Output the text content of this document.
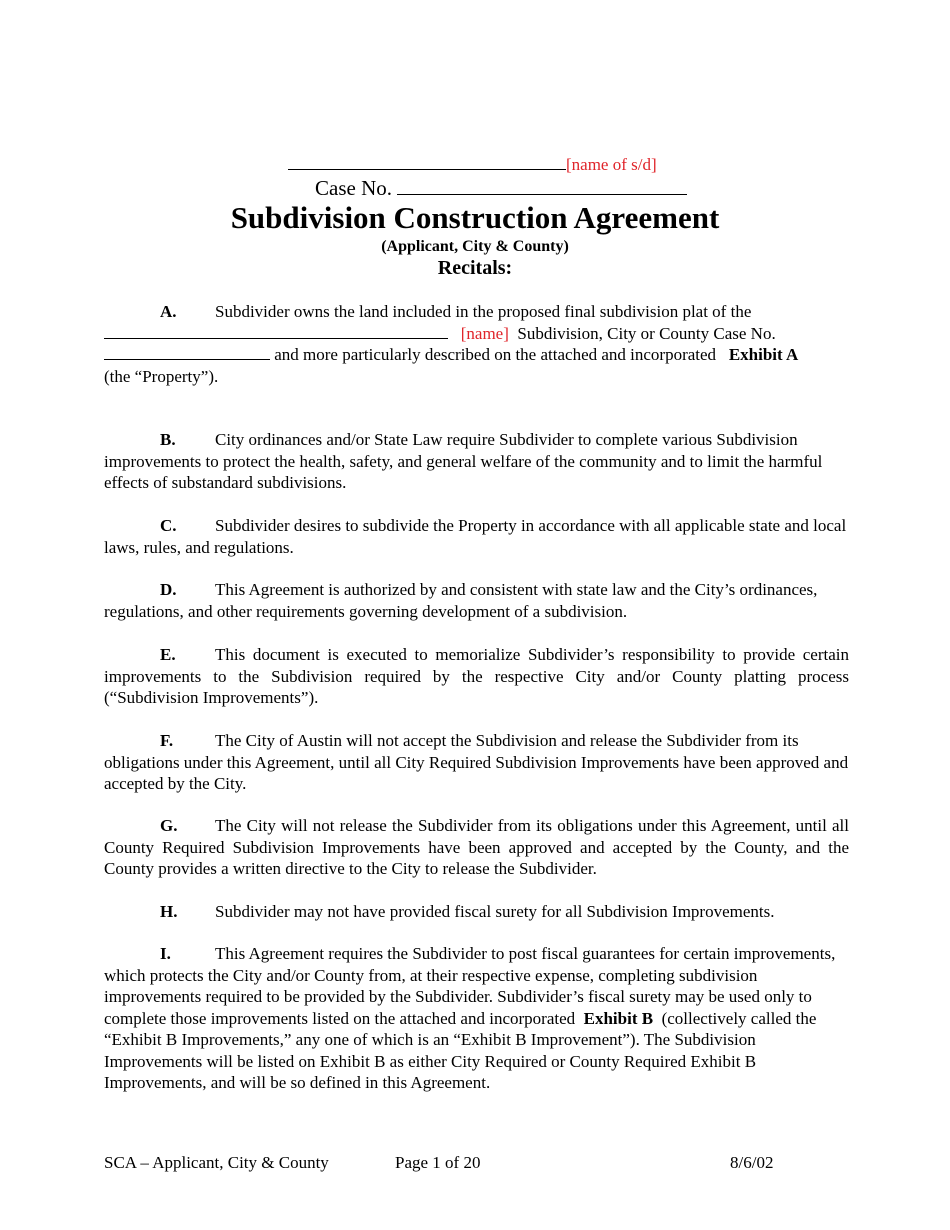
[name of s/d]
Case No.
Subdivision Construction Agreement
(Applicant, City & County)
Recitals:
A. Subdivider owns the land included in the proposed final subdivision plat of the
[name] Subdivision, City or County Case No.
and more particularly described on the attached and incorporated Exhibit A
(the “Property”).
B. City ordinances and/or State Law require Subdivider to complete various Subdivision improvements to protect the health, safety, and general welfare of the community and to limit the harmful effects of substandard subdivisions.
C. Subdivider desires to subdivide the Property in accordance with all applicable state and local laws, rules, and regulations.
D. This Agreement is authorized by and consistent with state law and the City’s ordinances, regulations, and other requirements governing development of a subdivision.
E. This document is executed to memorialize Subdivider’s responsibility to provide certain improvements to the Subdivision required by the respective City and/or County platting process (“Subdivision Improvements”).
F. The City of Austin will not accept the Subdivision and release the Subdivider from its obligations under this Agreement, until all City Required Subdivision Improvements have been approved and accepted by the City.
G. The City will not release the Subdivider from its obligations under this Agreement, until all County Required Subdivision Improvements have been approved and accepted by the County, and the County provides a written directive to the City to release the Subdivider.
H. Subdivider may not have provided fiscal surety for all Subdivision Improvements.
I.	This Agreement requires the Subdivider to post fiscal guarantees for certain improvements, which protects the City and/or County from, at their respective expense, completing subdivision improvements required to be provided by the Subdivider. Subdivider’s fiscal surety may be used only to complete those improvements listed on the attached and incorporated Exhibit B (collectively called the “Exhibit B Improvements,” any one of which is an “Exhibit B Improvement”). The Subdivision Improvements will be listed on Exhibit B as either City Required or County Required Exhibit B Improvements, and will be so defined in this Agreement.
SCA – Applicant, City & County	Page 1 of 20	8/6/02
